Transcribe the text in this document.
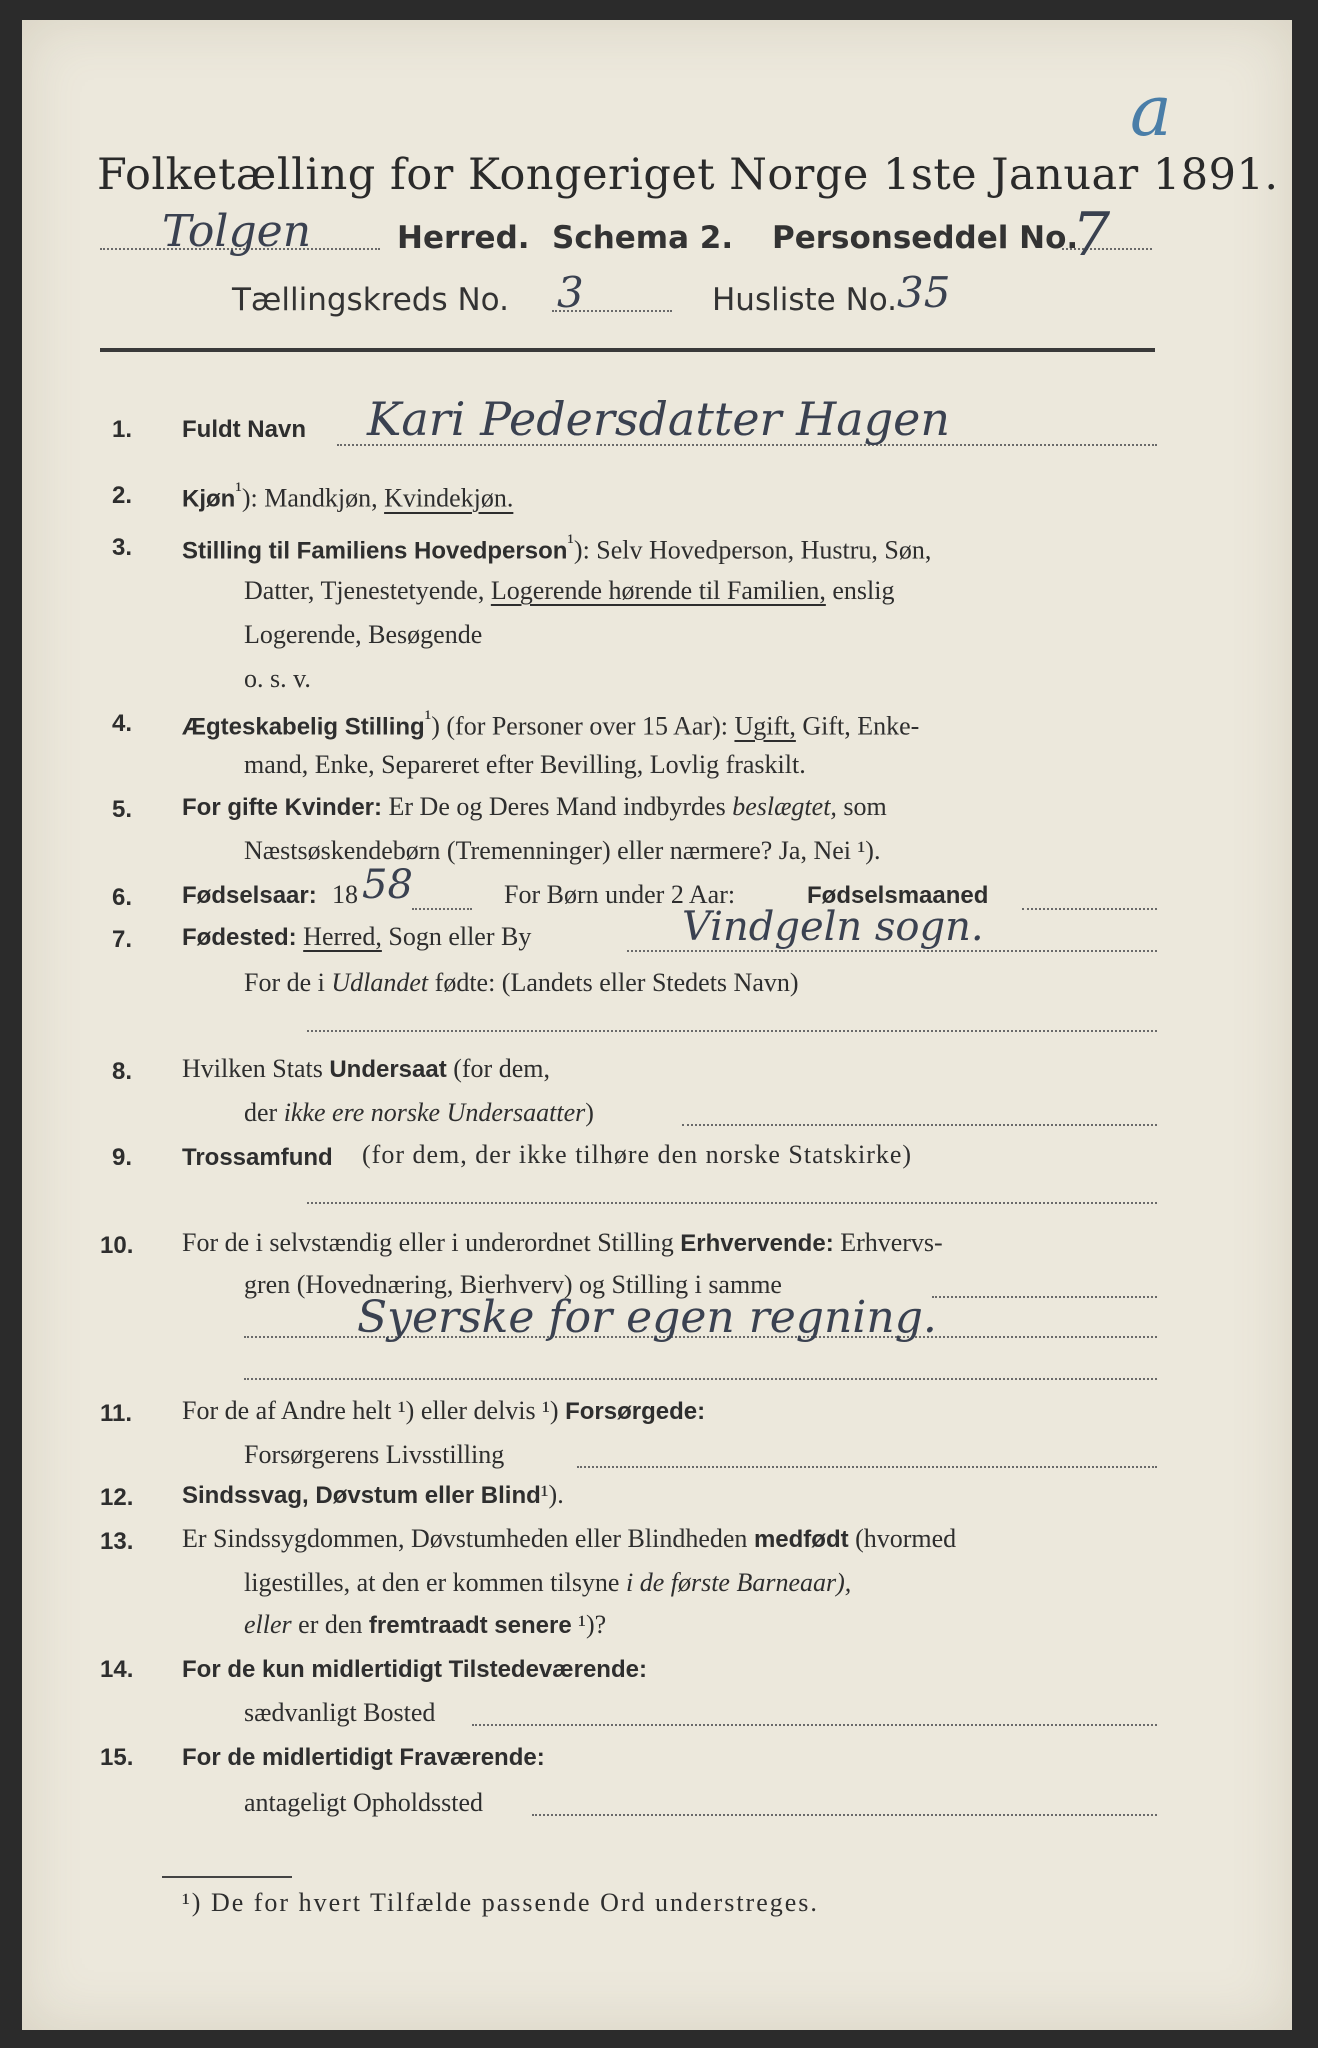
a
Folketælling for Kongeriget Norge 1ste Januar 1891.
Tolgen	Herred. Schema 2. Personseddel No.
7
Tællingskreds No. 3	Husliste No. 35
1. Fuldt Navn Kari Pedersdatter Hagen
2. Kjøn$^{^1}$): Mandkjøn, Kvindekjøn.
3. Stilling til Familiens Hovedperson$^{^1}$): Selv Hovedperson, Hustru, Søn,
Datter, Tjenestetyende, Logerende hørende til Familien, enslig
Logerende, Besøgende
o. s. v.
4. Ægteskabelig Stilling$^{^1}$) (for Personer over 15 Aar): Ugift, Gift, Enke-
mand, Enke, Separeret efter Bevilling, Lovlig fraskilt.
5. For gifte Kvinder: Er De og Deres Mand indbyrdes beslægtet, som
Næstsøskendebørn (Tremenninger) eller nærmere? Ja, Nei ¹).
6. Fødselsaar: 18 58	For Børn under 2 Aar:	Fødselsmaaned
7. Fødested: Herred, Sogn eller By	Vindgeln sogn.
For de i Udlandet fødte: (Landets eller Stedets Navn)
8. Hvilken Stats Undersaat (for dem,
der ikke ere norske Undersaatter)
9. Trossamfund (for dem, der ikke tilhøre den norske Statskirke)
10. For de i selvstændig eller i underordnet Stilling Erhvervende: Erhvervs-
gren (Hovednæring, Bierhverv) og Stilling i samme
Syerske for egen regning.
11. For de af Andre helt ¹) eller delvis ¹) Forsørgede:
Forsørgerens Livsstilling
12. Sindssvag, Døvstum eller Blind¹).
13. Er Sindssygdommen, Døvstumheden eller Blindheden medfødt (hvormed
ligestilles, at den er kommen tilsyne i de første Barneaar),
eller er den fremtraadt senere ¹)?
14. For de kun midlertidigt Tilstedeværende:
sædvanligt Bosted
15. For de midlertidigt Fraværende:
antageligt Opholdssted
¹) De for hvert Tilfælde passende Ord understreges.
